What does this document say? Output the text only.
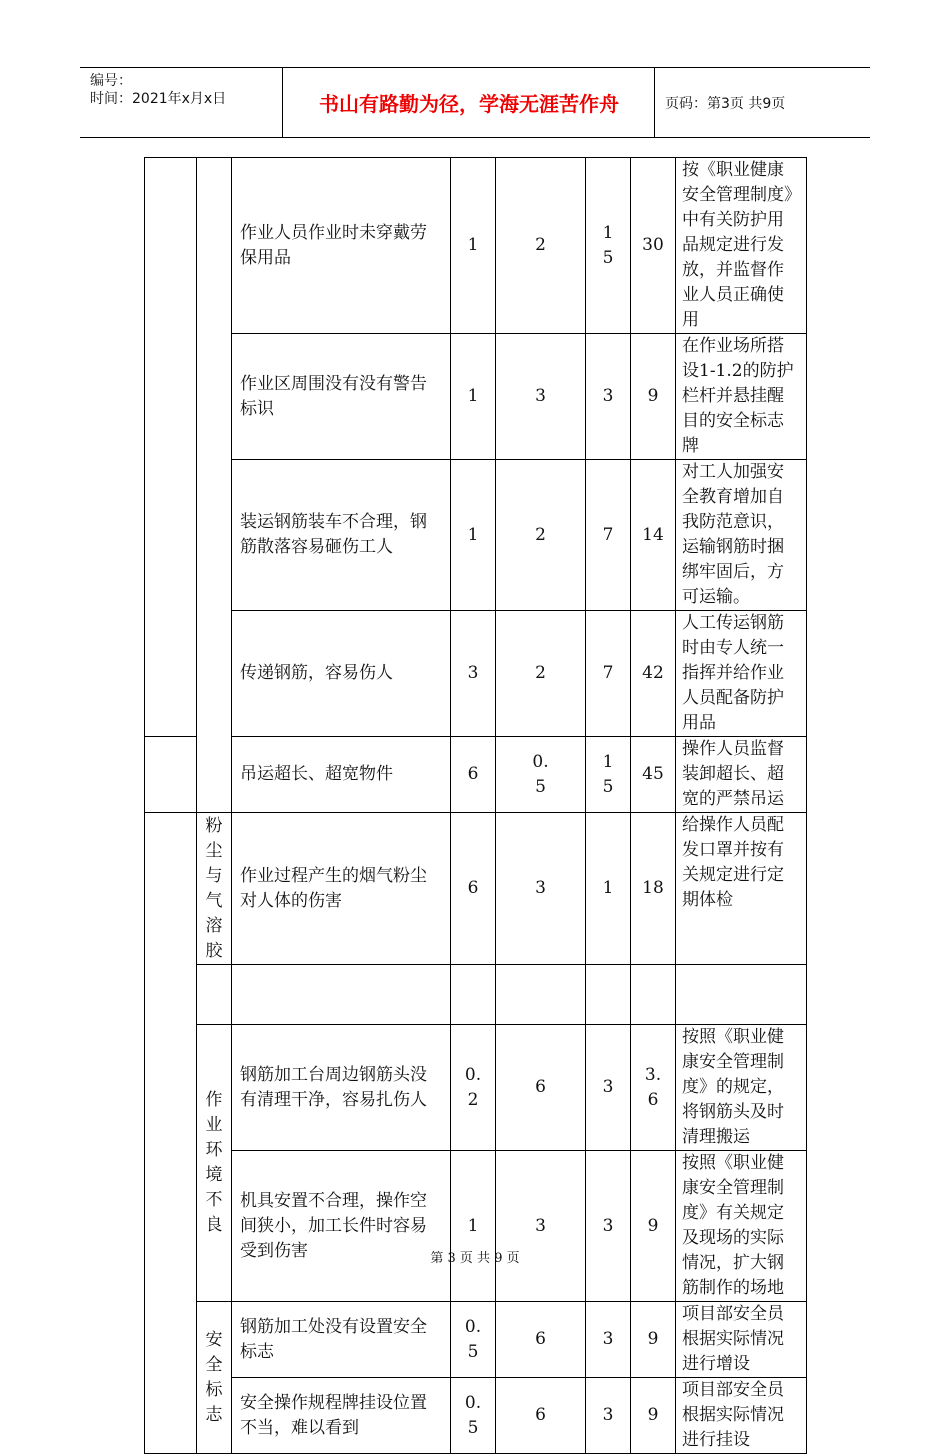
编号：
时间：2021年x月x日	书山有路勤为径，学海无涯苦作舟	页码：第3页 共9页
		作业人员作业时未穿戴劳保用品	1	2	15	30	按《职业健康安全管理制度》中有关防护用品规定进行发放，并监督作业人员正确使用
		作业区周围没有没有警告标识	1	3	3	9	在作业场所搭设1-1.2的防护栏杆并悬挂醒目的安全标志牌
		装运钢筋装车不合理，钢筋散落容易砸伤工人	1	2	7	14	对工人加强安全教育增加自我防范意识，运输钢筋时捆绑牢固后，方可运输。
		传递钢筋，容易伤人	3	2	7	42	人工传运钢筋时由专人统一指挥并给作业人员配备防护用品
		吊运超长、超宽物件	6	0.5	15	45	操作人员监督装卸超长、超宽的严禁吊运

	粉尘与气溶胶	作业过程产生的烟气粉尘对人体的伤害	6	3	1	18	给操作人员配发口罩并按有关规定进行定期体检

	作业环境不良	钢筋加工台周边钢筋头没有清理干净，容易扎伤人	0.2	6	3	3.6	按照《职业健康安全管理制度》的规定，将钢筋头及时清理搬运
		机具安置不合理，操作空间狭小，加工长件时容易受到伤害	1	3	3	9	按照《职业健康安全管理制度》有关规定及现场的实际情况，扩大钢筋制作的场地

	安全标志	钢筋加工处没有设置安全标志	0.5	6	3	9	项目部安全员根据实际情况进行增设
		安全操作规程牌挂设位置不当，难以看到	0.5	6	3	9	项目部安全员根据实际情况进行挂设
第 3 页 共 9 页
